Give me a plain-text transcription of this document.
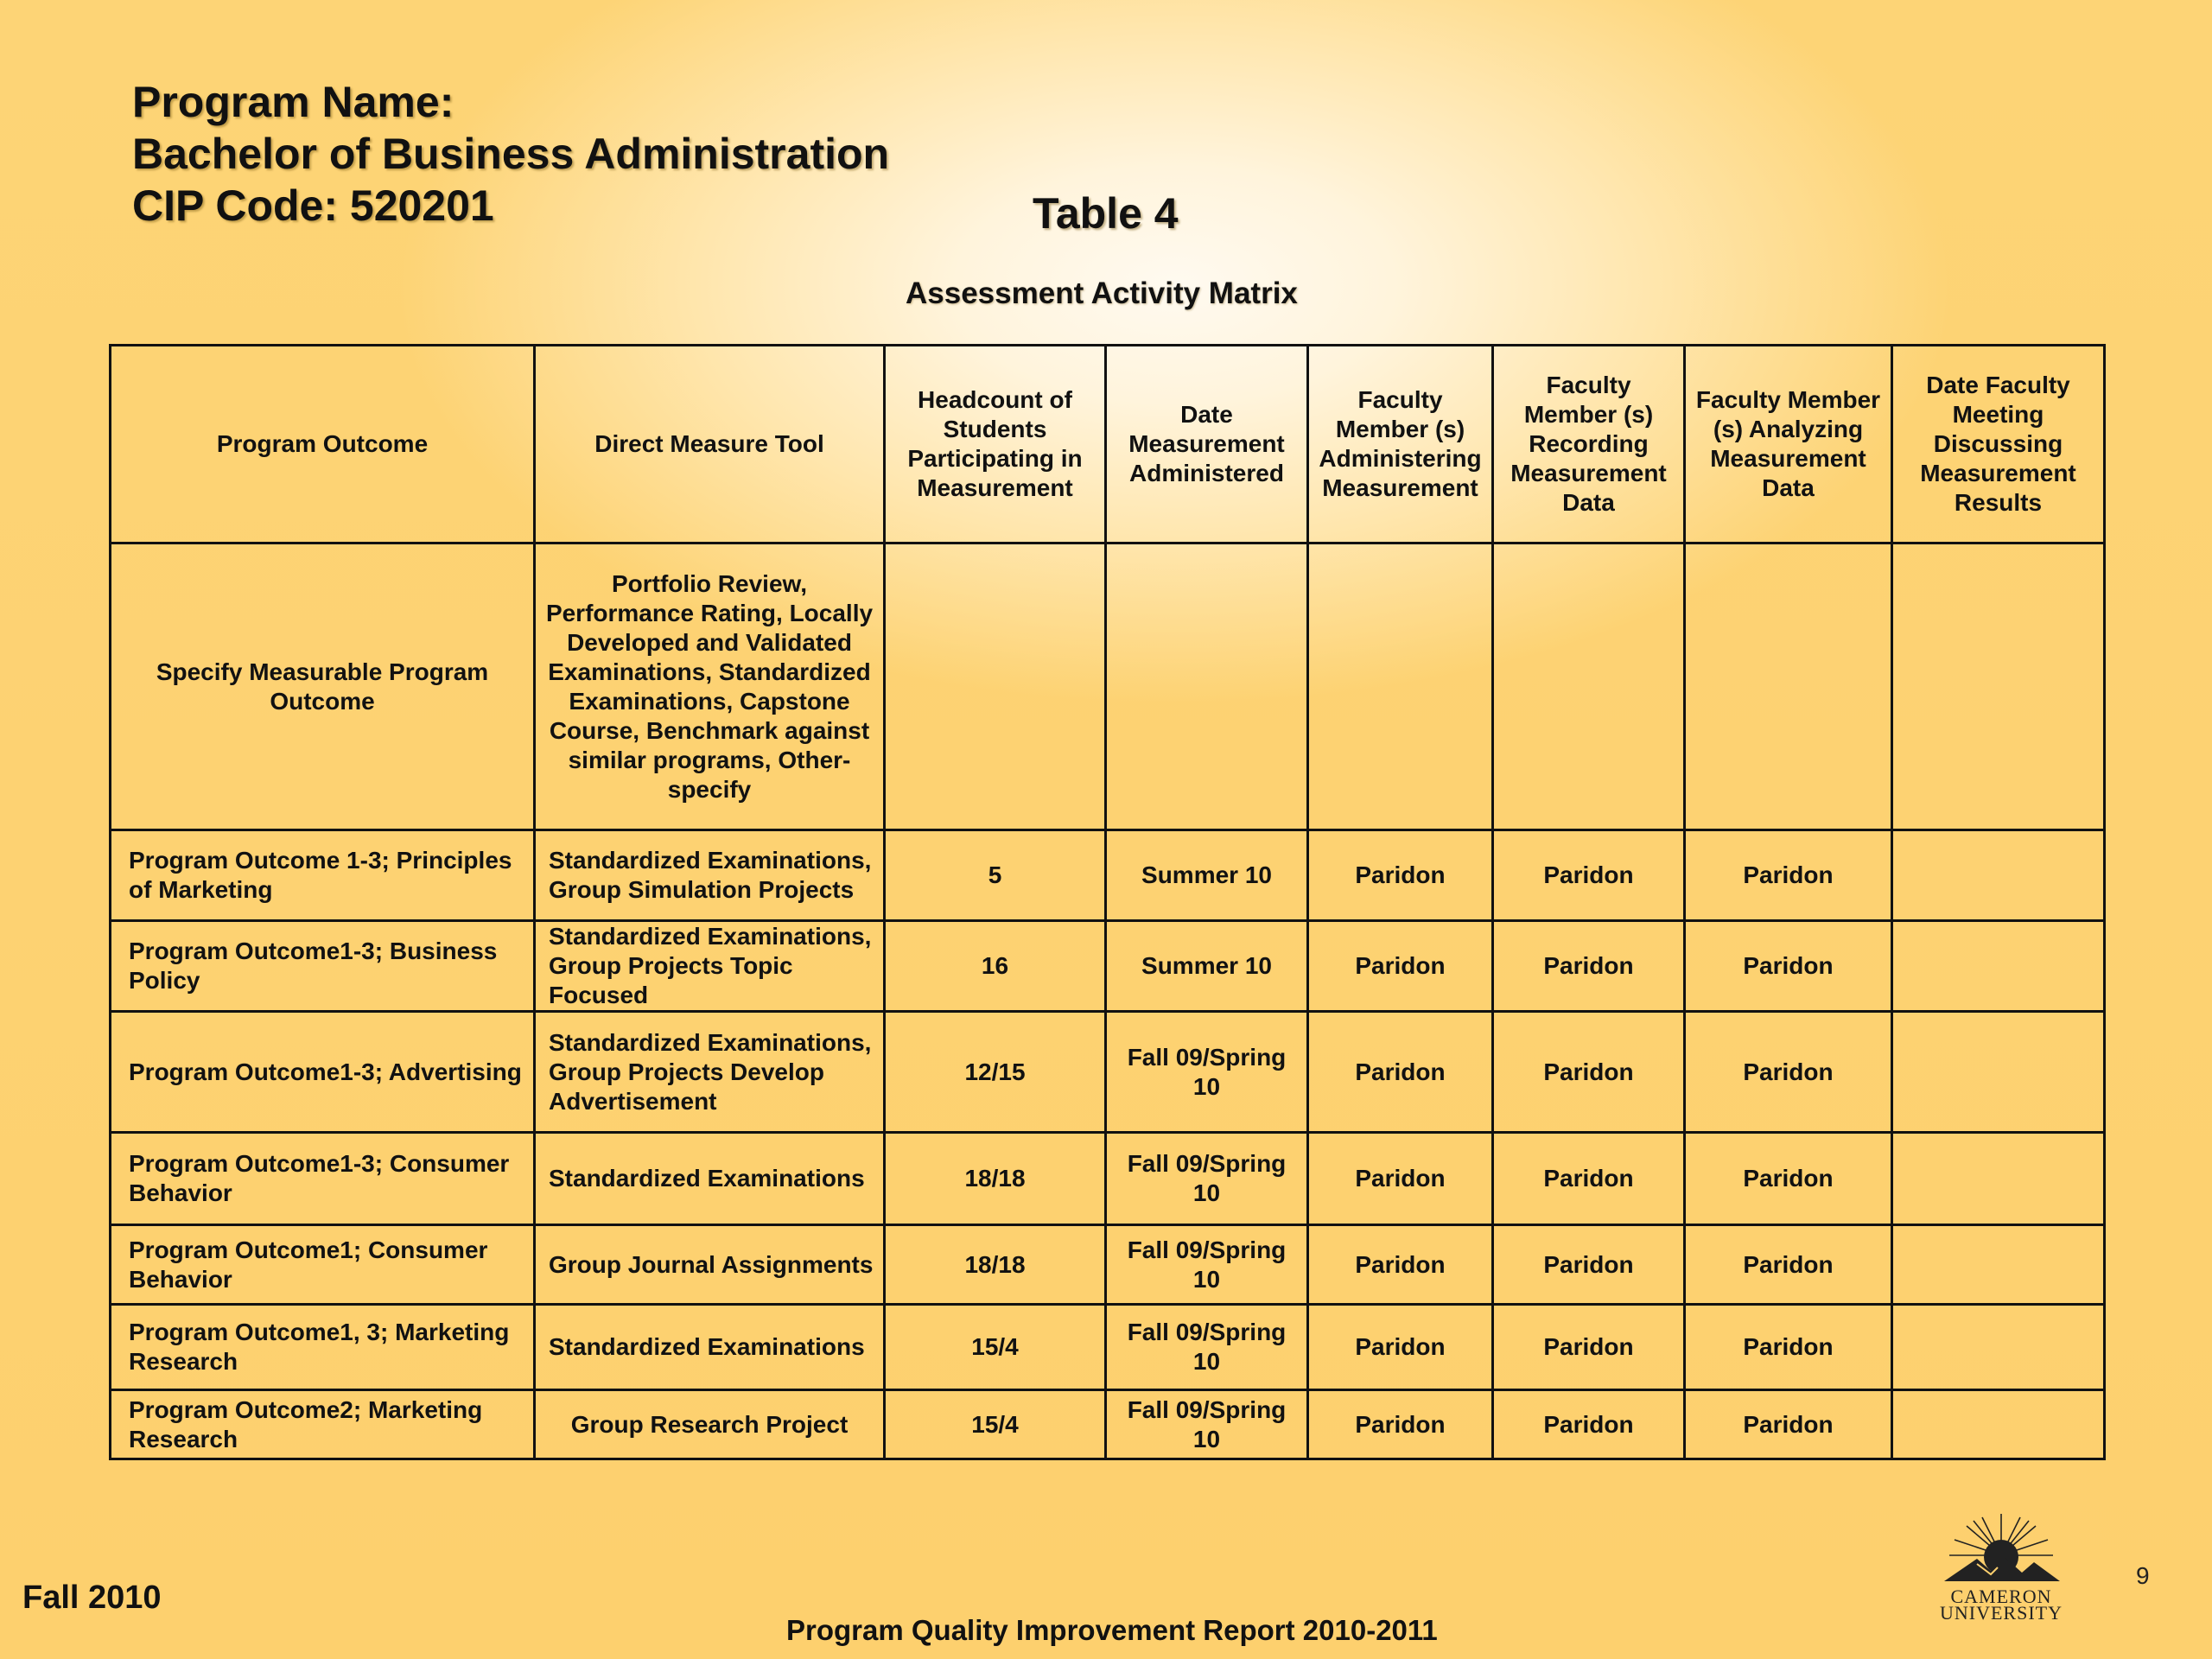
Program Name:
Bachelor of Business Administration
CIP Code: 520201	Table 4
Assessment Activity Matrix
Program Outcome	Direct Measure Tool	Headcount of Students Participating in Measurement	Date Measurement Administered	Faculty Member (s) Administering Measurement	Faculty Member (s) Recording Measurement Data	Faculty Member (s) Analyzing Measurement Data	Date Faculty Meeting Discussing Measurement Results
Specify Measurable Program Outcome	Portfolio Review, Performance Rating, Locally Developed and Validated Examinations, Standardized Examinations, Capstone Course, Benchmark against similar programs, Other-specify						
Program Outcome 1-3; Principles of Marketing	Standardized Examinations, Group Simulation Projects	5	Summer 10	Paridon	Paridon	Paridon	
Program Outcome1-3; Business Policy	Standardized Examinations, Group Projects Topic Focused	16	Summer 10	Paridon	Paridon	Paridon	
Program Outcome1-3; Advertising	Standardized Examinations, Group Projects Develop Advertisement	12/15	Fall 09/Spring 10	Paridon	Paridon	Paridon	
Program Outcome1-3; Consumer Behavior	Standardized Examinations	18/18	Fall 09/Spring 10	Paridon	Paridon	Paridon	
Program Outcome1; Consumer Behavior	Group Journal Assignments	18/18	Fall 09/Spring 10	Paridon	Paridon	Paridon	
Program Outcome1, 3; Marketing Research	Standardized Examinations	15/4	Fall 09/Spring 10	Paridon	Paridon	Paridon	
Program Outcome2; Marketing Research	Group Research Project	15/4	Fall 09/Spring 10	Paridon	Paridon	Paridon	
Fall 2010
Program Quality Improvement Report 2010-2011
9
CAMERON
UNIVERSITY
